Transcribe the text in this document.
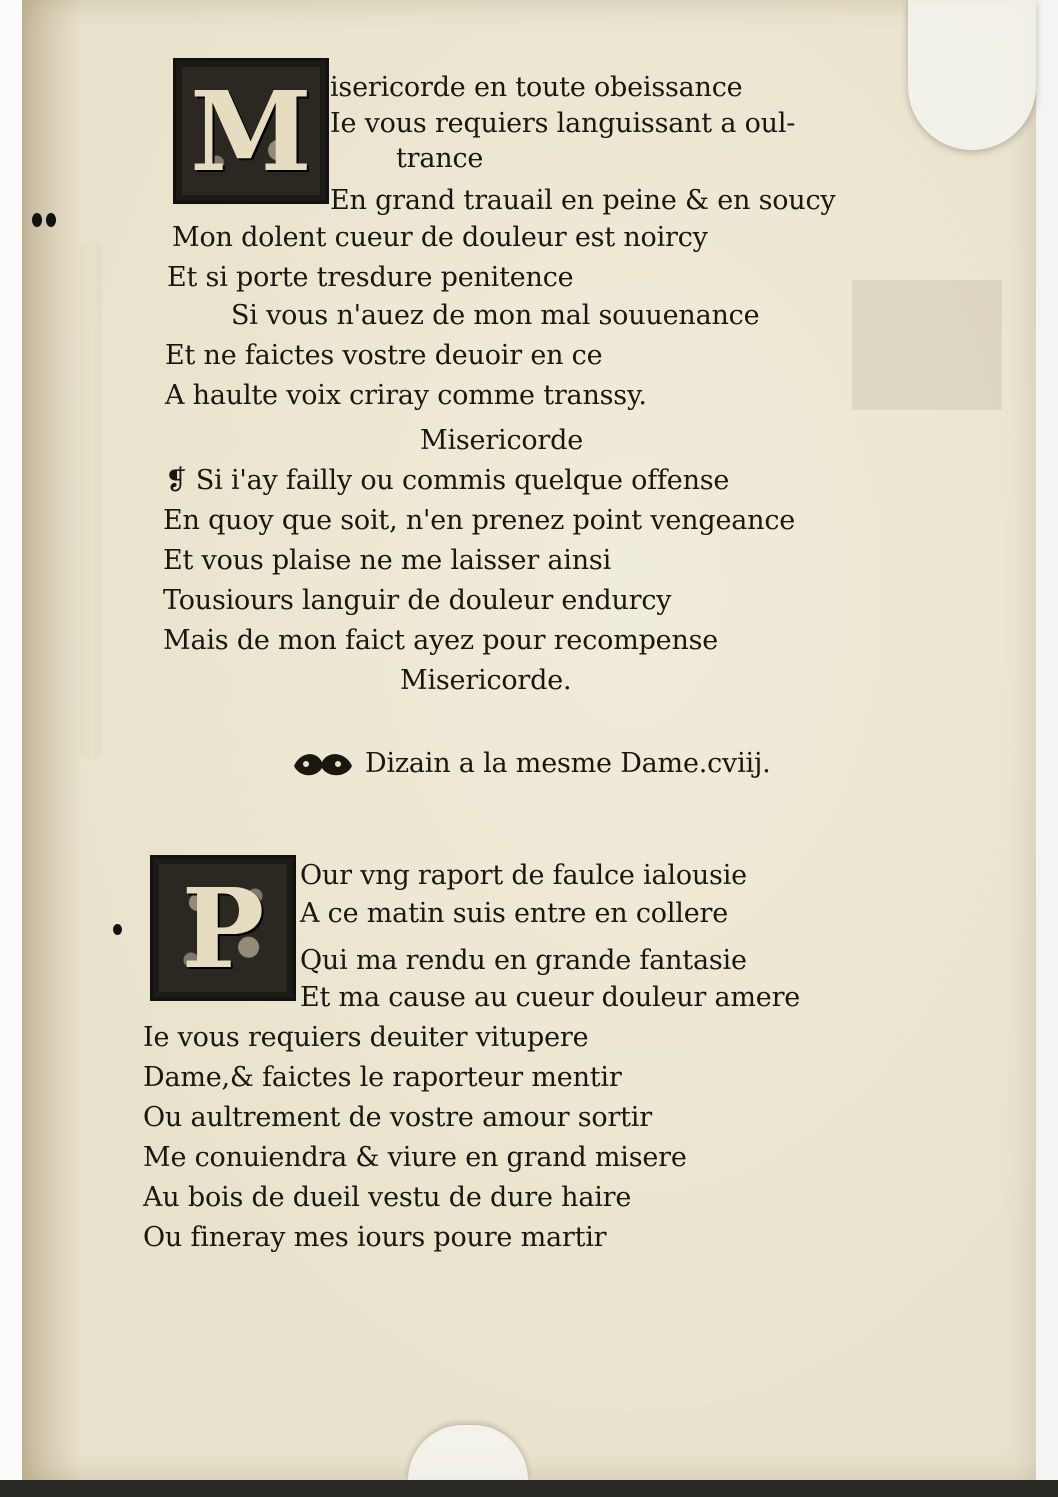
M isericorde en toute obeissance
Ie vous requiers languissant a oul-
trance
En grand trauail en peine & en soucy
Mon dolent cueur de douleur est noircy
Et si porte tresdure penitence
Si vous n'auez de mon mal souuenance
Et ne faictes vostre deuoir en ce
A haulte voix criray comme transsy.
Misericorde
❡ Si i'ay failly ou commis quelque offense
En quoy que soit, n'en prenez point vengeance
Et vous plaise ne me laisser ainsi
Tousiours languir de douleur endurcy
Mais de mon faict ayez pour recompense
Misericorde.
Dizain a la mesme Dame.cviij.
P	Our vng raport de faulce ialousie
A ce matin suis entre en collere
Qui ma rendu en grande fantasie
Et ma cause au cueur douleur amere
Ie vous requiers deuiter vitupere
Dame,& faictes le raporteur mentir
Ou aultrement de vostre amour sortir
Me conuiendra & viure en grand misere
Au bois de dueil vestu de dure haire
Ou fineray mes iours poure martir
